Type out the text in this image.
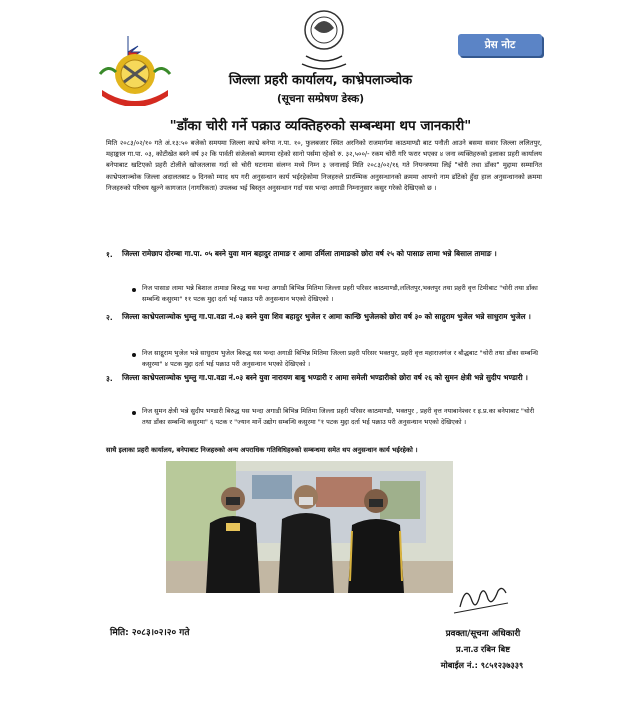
प्रेस नोट
जिल्ला प्रहरी कार्यालय, काभ्रेपलाञ्चोक
(सूचना सम्प्रेषण डेस्क)
"डाँका चोरी गर्ने पक्राउ व्यक्तिहरुको सम्बन्धमा थप जानकारी"
मिति २०८३/०२/१० गते अं.१३:५० बजेको समयमा जिल्ला काभ्रे बनेपा न.पा. १०, फुलबजार स्थित अरनिको राजमार्गमा काठमाण्डौ बाट पनौती आउने बसमा सवार जिल्ला ललितपुर, महाङ्काल गा.पा. ०३, कोटीखेत बस्ने वर्ष ३२ कि पार्वती संजेलको ब्यागमा रहेको सानो पर्समा रहेको रु. ३२,५००/- रकम चोरी गरि फरार भएका ४ जना व्यक्तिहरुको इलाका प्रहरी कार्यालय बनेपाबाट खटिएको प्रहरी टोलीले खोजतलास गर्दा सो चोरी घटनामा संलग्न मध्ये निम्न ३ जनालाई मिति २०८३/०२/१६ गते नियन्त्रणमा लिई "चोरी तथा डाँका" मुद्दामा सम्मानित काभ्रेपलाञ्चोक जिल्ला अदालतबाट ७ दिनको म्याद थप गरी अनुसन्धान कार्य भईरहेकोमा निजहरुले प्रारम्भिक अनुसन्धानको क्रममा आफ्नो नाम ढाँटेको हुँदा हाल अनुसन्धानको क्रममा निजहरुको परिचय खुल्ने कागजात (नागरिकता) उपलब्ध भई बिस्तृत अनुसन्धान गर्दा यस भन्दा अगाडी निम्नानुसार कसुर गरेको देखिएको छ ।
१. जिल्ला रामेछाप दोरम्बा गा.पा. ०५ बस्ने युवा मान बहादुर तामाङ र आमा उर्मिला तामाङको छोरा वर्ष २५ को पासाङ लामा भन्ने बिसाल तामाङ ।
निज पासाङ लामा भन्ने बिशाल तामाङ बिरुद्ध यस भन्दा अगाडी बिभिन्न मितिमा जिल्ला प्रहरी परिसर काठमाण्डौ,ललितपुर,भक्तपुर तथा प्रहरी वृत्त टिमीबाट "चोरी तथा डाँका सम्बन्धि कसुरमा" ११ पटक मुद्दा दर्ता भई पक्राउ परी अनुसन्धान भएको देखिएको ।
२. जिल्ला काभ्रेपलाञ्चोक भुम्लु गा.पा.वडा नं.०३ बस्ने युवा शिव बहादुर भुजेल र आमा कान्छि भुजेलको छोरा वर्ष ३० को साद्गुराम भुजेल भन्ने साधुराम भुजेल ।
निज साद्गुराम भुजेल भन्ने साधुराम भुजेल बिरुद्ध यस भन्दा अगाडी बिभिन्न मितिमा जिल्ला प्रहरी परिसर भक्तपुर, प्रहरी वृत्त महाराजगंज र बौद्धबाट "चोरी तथा डाँका सम्बन्धि कसुरमा" ४ पटक मुद्दा दर्ता भई पक्राउ परी अनुसन्धान भएको देखिएको ।
३. जिल्ला काभ्रेपलाञ्चोक भुम्लु गा.पा.वडा नं.०३ बस्ने युवा नारायण बाबु भण्डारी र आमा समेली भण्डारीको छोरा वर्ष २६ को सुमन क्षेत्री भन्ने सुदीप भण्डारी ।
निज सुमन क्षेत्री भन्ने सुदीप भण्डारी बिरुद्ध यस भन्दा अगाडी बिभिन्न मितिमा जिल्ला प्रहरी परिसर काठमाण्डौ, भक्तपुर , प्रहरी वृत्त नयाबानेश्वर र इ.प्र.का बनेपाबाट "चोरी तथा डाँका सम्बन्धि कसुरमा" ६ पटक र "ज्यान मार्ने उद्योग सम्बन्धि कसुरमा "१ पटक मुद्दा दर्ता भई पक्राउ परी अनुसन्धान भएको देखिएको ।
साथै इलाका प्रहरी कार्यालय, बनेपाबाट निजहरुको अन्य अपराधिक गतिविधिहरुको सम्बन्धमा समेत थप अनुसन्धान कार्य भईरहेको ।
मिति: २०८३।०२।२० गते	प्रवक्ता/सूचना अधिकारी
प्र.ना.उ रबिन बिष्ट
मोबाईल नं.: ९८५१२३७३३९
